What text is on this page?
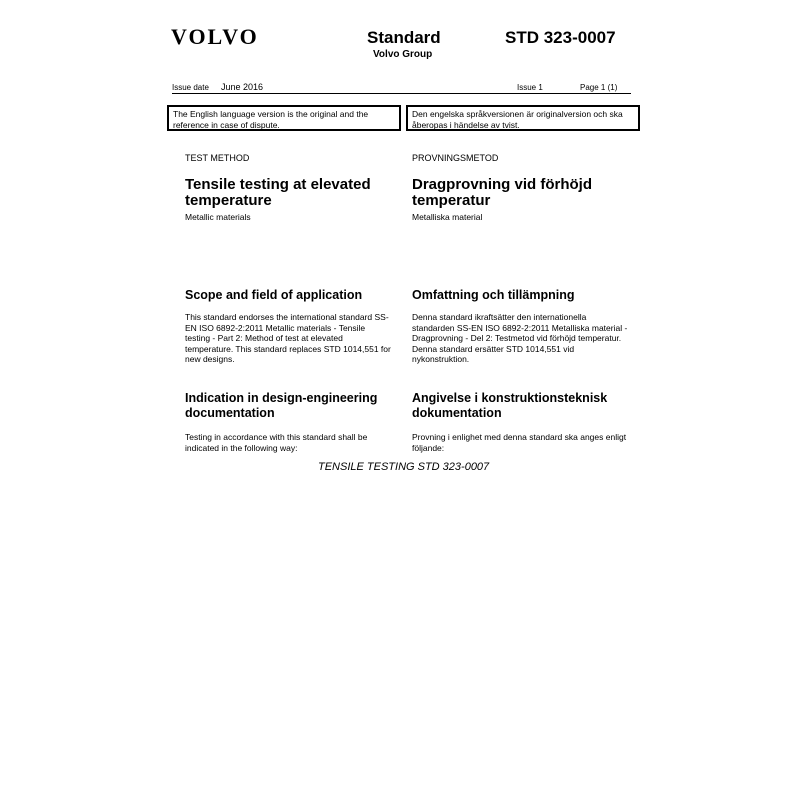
VOLVO	Standard
Volvo Group
STD 323-0007
Issue date June 2016	Issue 1	Page 1 (1)
The English language version is the original and the reference in case of dispute.
Den engelska språkversionen är originalversion och ska åberopas i händelse av tvist.
TEST METHOD	PROVNINGSMETOD
Tensile testing at elevated temperature
Dragprovning vid förhöjd temperatur
Metallic materials	Metalliska material
Scope and field of application	Omfattning och tillämpning
This standard endorses the international standard SS-EN ISO 6892-2:2011 Metallic materials - Tensile testing - Part 2: Method of test at elevated temperature. This standard replaces STD 1014,551 for new designs.
Denna standard ikraftsätter den internationella standarden SS-EN ISO 6892-2:2011 Metalliska material - Dragprovning - Del 2: Testmetod vid förhöjd temperatur. Denna standard ersätter STD 1014,551 vid nykonstruktion.
Indication in design-engineering documentation
Angivelse i konstruktionsteknisk dokumentation
Testing in accordance with this standard shall be indicated in the following way:
Provning i enlighet med denna standard ska anges enligt följande:
TENSILE TESTING STD 323-0007
